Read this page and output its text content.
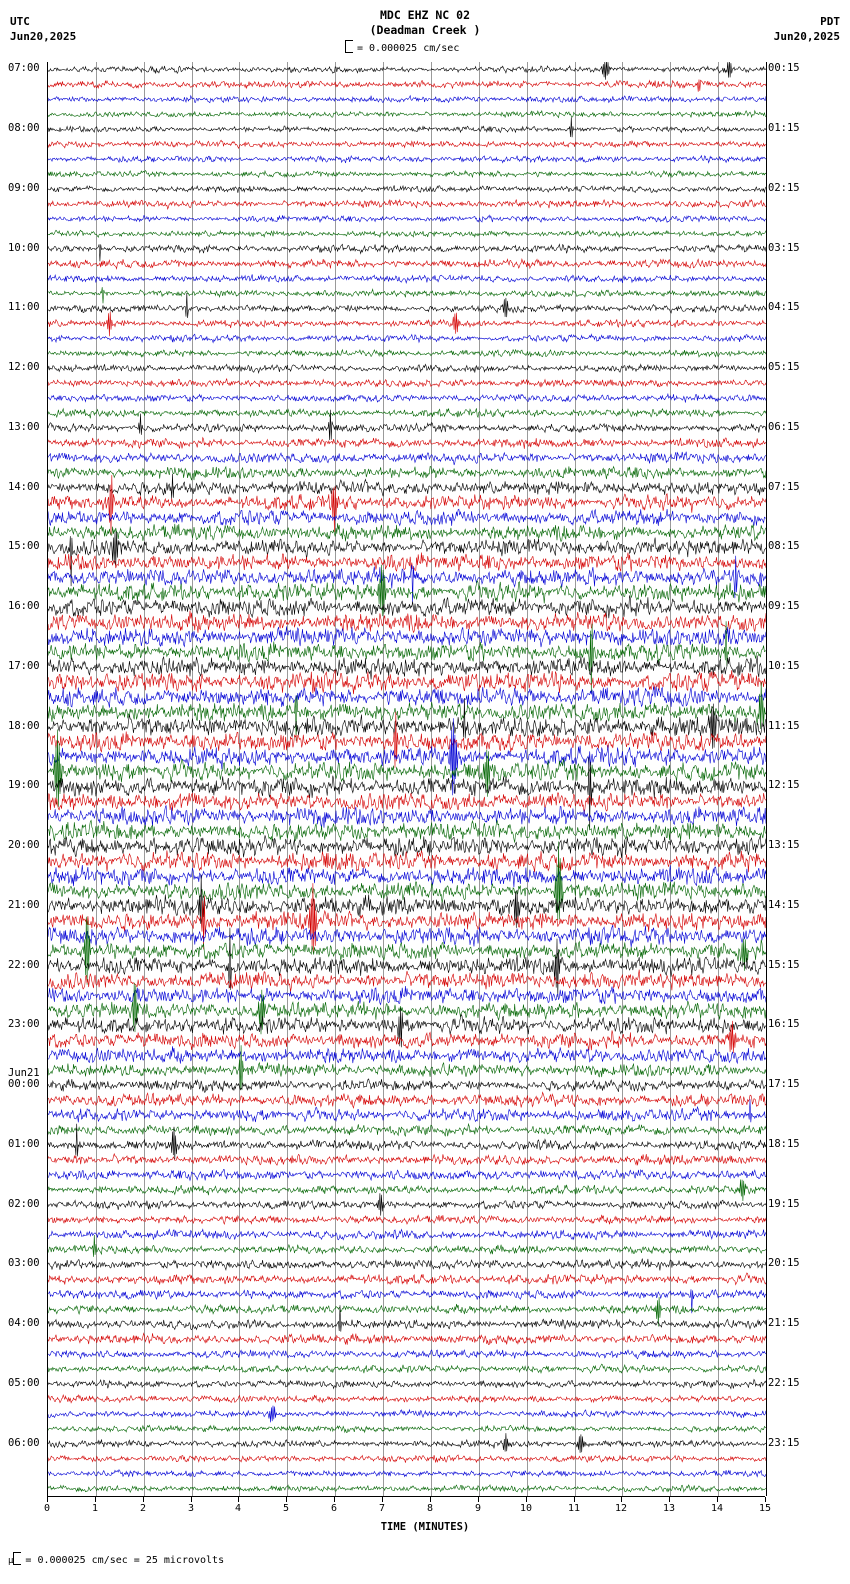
UTC
Jun20,2025
MDC EHZ NC 02
(Deadman Creek )
PDT
Jun20,2025
= 0.000025 cm/sec
TIME (MINUTES)
07:00
08:00
09:00
10:00
11:00
12:00
13:00
14:00
15:00
16:00
17:00
18:00
19:00
20:00
21:00
22:00
23:00
00:00
01:00
02:00
03:00
04:00
05:00
06:00
Jun21
00:15
01:15
02:15
03:15
04:15
05:15
06:15
07:15
08:15
09:15
10:15
11:15
12:15
13:15
14:15
15:15
16:15
17:15
18:15
19:15
20:15
21:15
22:15
23:15
µ = 0.000025 cm/sec = 25 microvolts
0	1	2	3	4	5	6	7	8	9	10	11	12	13	14	15
